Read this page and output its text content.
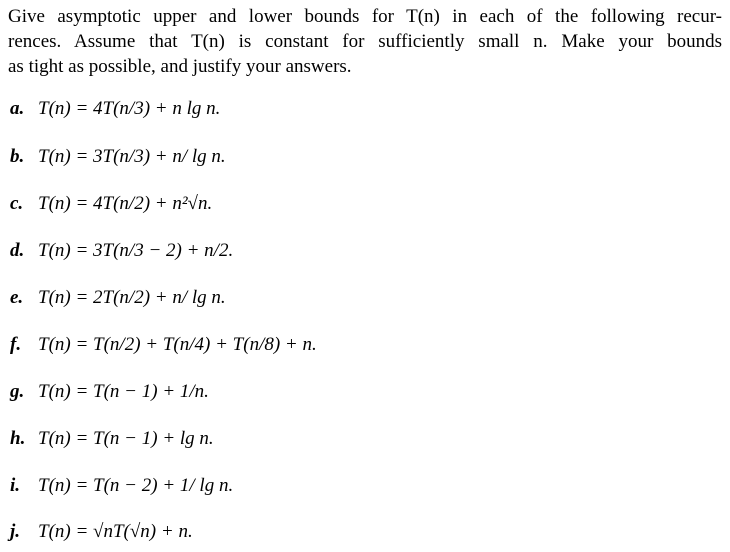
Give asymptotic upper and lower bounds for T(n) in each of the following recur-
rences. Assume that T(n) is constant for sufficiently small n. Make your bounds
as tight as possible, and justify your answers.
a. T(n) = 4T(n/3) + n lg n.
b. T(n) = 3T(n/3) + n/ lg n.
c. T(n) = 4T(n/2) + n²√n.
d. T(n) = 3T(n/3 − 2) + n/2.
e. T(n) = 2T(n/2) + n/ lg n.
f. T(n) = T(n/2) + T(n/4) + T(n/8) + n.
g. T(n) = T(n − 1) + 1/n.
h. T(n) = T(n − 1) + lg n.
i. T(n) = T(n − 2) + 1/ lg n.
j. T(n) = √nT(√n) + n.
